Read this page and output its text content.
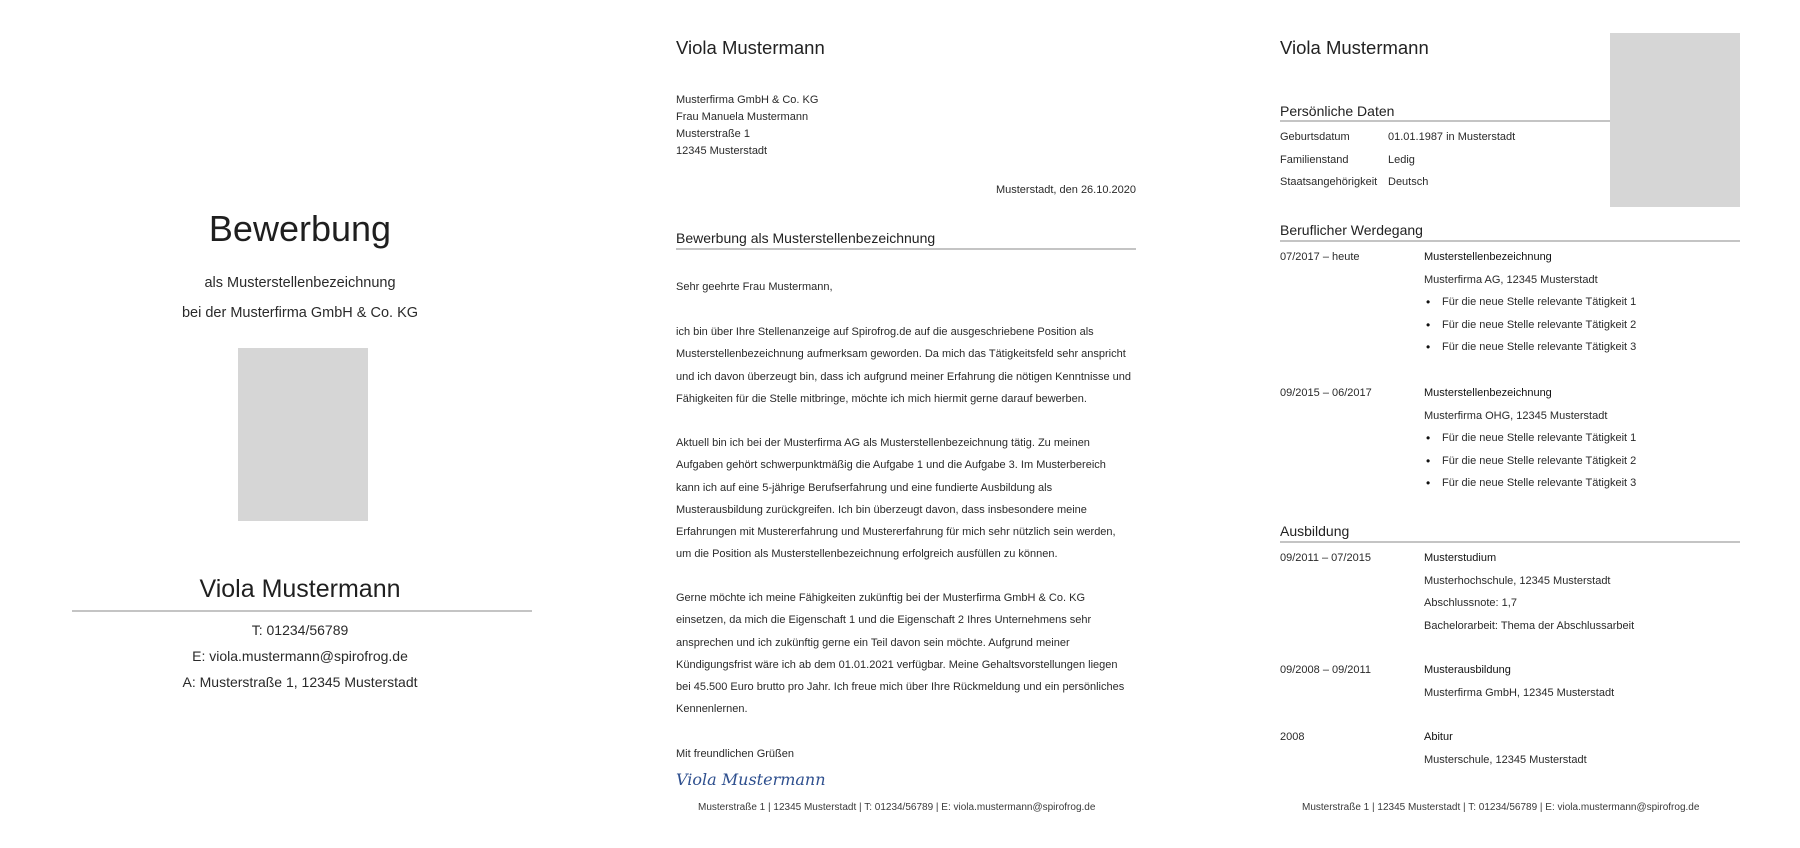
Bewerbung
als Musterstellenbezeichnung
bei der Musterfirma GmbH & Co. KG
Viola Mustermann
T: 01234/56789
E: viola.mustermann@spirofrog.de
A: Musterstraße 1, 12345 Musterstadt
Viola Mustermann
Musterfirma GmbH & Co. KG
Frau Manuela Mustermann
Musterstraße 1
12345 Musterstadt
Musterstadt, den 26.10.2020
Bewerbung als Musterstellenbezeichnung
Sehr geehrte Frau Mustermann,
ich bin über Ihre Stellenanzeige auf Spirofrog.de auf die ausgeschriebene Position als
Musterstellenbezeichnung aufmerksam geworden. Da mich das Tätigkeitsfeld sehr anspricht
und ich davon überzeugt bin, dass ich aufgrund meiner Erfahrung die nötigen Kenntnisse und
Fähigkeiten für die Stelle mitbringe, möchte ich mich hiermit gerne darauf bewerben.
Aktuell bin ich bei der Musterfirma AG als Musterstellenbezeichnung tätig. Zu meinen
Aufgaben gehört schwerpunktmäßig die Aufgabe 1 und die Aufgabe 3. Im Musterbereich
kann ich auf eine 5-jährige Berufserfahrung und eine fundierte Ausbildung als
Musterausbildung zurückgreifen. Ich bin überzeugt davon, dass insbesondere meine
Erfahrungen mit Mustererfahrung und Mustererfahrung für mich sehr nützlich sein werden,
um die Position als Musterstellenbezeichnung erfolgreich ausfüllen zu können.
Gerne möchte ich meine Fähigkeiten zukünftig bei der Musterfirma GmbH & Co. KG
einsetzen, da mich die Eigenschaft 1 und die Eigenschaft 2 Ihres Unternehmens sehr
ansprechen und ich zukünftig gerne ein Teil davon sein möchte. Aufgrund meiner
Kündigungsfrist wäre ich ab dem 01.01.2021 verfügbar. Meine Gehaltsvorstellungen liegen
bei 45.500 Euro brutto pro Jahr. Ich freue mich über Ihre Rückmeldung und ein persönliches
Kennenlernen.
Mit freundlichen Grüßen
Viola Mustermann
Musterstraße 1 | 12345 Musterstadt | T: 01234/56789 | E: viola.mustermann@spirofrog.de
Viola Mustermann
Persönliche Daten
Geburtsdatum	01.01.1987 in Musterstadt
Familienstand	Ledig
Staatsangehörigkeit Deutsch
Beruflicher Werdegang
07/2017 – heute	Musterstellenbezeichnung
Musterfirma AG, 12345 Musterstadt
• Für die neue Stelle relevante Tätigkeit 1
• Für die neue Stelle relevante Tätigkeit 2
• Für die neue Stelle relevante Tätigkeit 3
09/2015 – 06/2017	Musterstellenbezeichnung
Musterfirma OHG, 12345 Musterstadt
• Für die neue Stelle relevante Tätigkeit 1
• Für die neue Stelle relevante Tätigkeit 2
• Für die neue Stelle relevante Tätigkeit 3
Ausbildung
09/2011 – 07/2015	Musterstudium
Musterhochschule, 12345 Musterstadt
Abschlussnote: 1,7
Bachelorarbeit: Thema der Abschlussarbeit
09/2008 – 09/2011	Musterausbildung
Musterfirma GmbH, 12345 Musterstadt
2008	Abitur
Musterschule, 12345 Musterstadt
Musterstraße 1 | 12345 Musterstadt | T: 01234/56789 | E: viola.mustermann@spirofrog.de
